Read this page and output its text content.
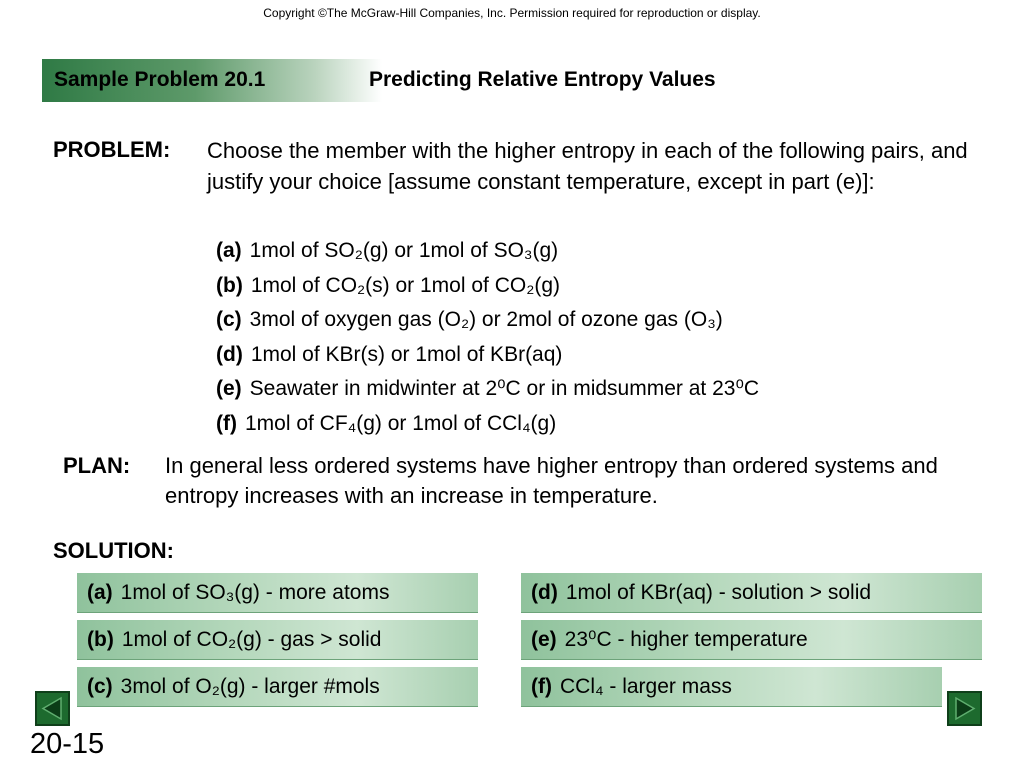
Copyright ©The McGraw-Hill Companies, Inc. Permission required for reproduction or display.
Sample Problem 20.1	Predicting Relative Entropy Values
PROBLEM: Choose the member with the higher entropy in each of the following pairs, and justify your choice [assume constant temperature, except in part (e)]:
(a) 1mol of SO₂(g) or 1mol of SO₃(g)
(b) 1mol of CO₂(s) or 1mol of CO₂(g)
(c) 3mol of oxygen gas (O₂) or 2mol of ozone gas (O₃)
(d) 1mol of KBr(s) or 1mol of KBr(aq)
(e) Seawater in midwinter at 2⁰C or in midsummer at 23⁰C
(f) 1mol of CF₄(g) or 1mol of CCl₄(g)
PLAN: In general less ordered systems have higher entropy than ordered systems and entropy increases with an increase in temperature.
SOLUTION:
(a) 1mol of SO₃(g) - more atoms
(b) 1mol of CO₂(g) - gas > solid
(c) 3mol of O₂(g) - larger #mols
(d) 1mol of KBr(aq) - solution > solid
(e) 23⁰C - higher temperature
(f) CCl₄ - larger mass
20-15
